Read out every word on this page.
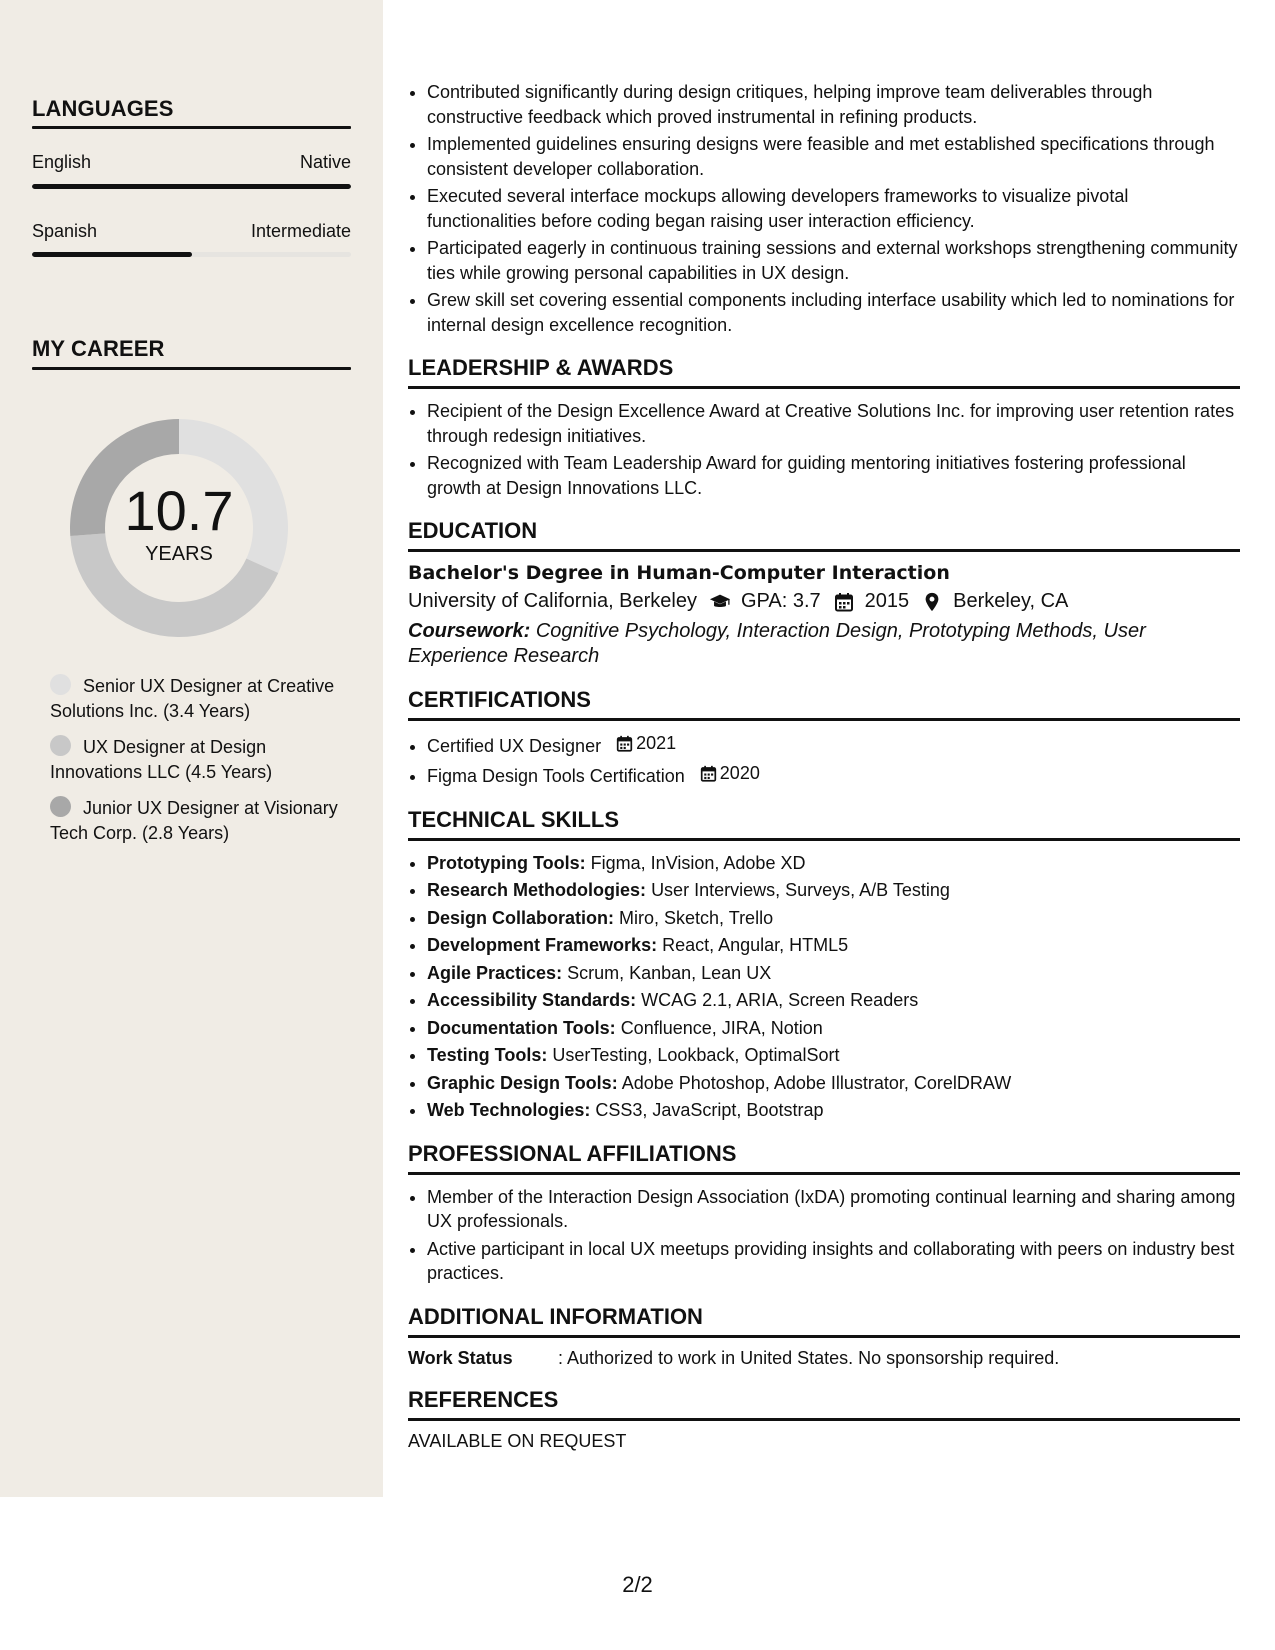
LANGUAGES
English	Native
Spanish	Intermediate
MY CAREER
10.7
YEARS
Senior UX Designer at Creative Solutions Inc. (3.4 Years)
UX Designer at Design Innovations LLC (4.5 Years)
Junior UX Designer at Visionary Tech Corp. (2.8 Years)
• Contributed significantly during design critiques, helping improve team deliverables through constructive feedback which proved instrumental in refining products.
• Implemented guidelines ensuring designs were feasible and met established specifications through consistent developer collaboration.
• Executed several interface mockups allowing developers frameworks to visualize pivotal functionalities before coding began raising user interaction efficiency.
• Participated eagerly in continuous training sessions and external workshops strengthening community ties while growing personal capabilities in UX design.
• Grew skill set covering essential components including interface usability which led to nominations for internal design excellence recognition.
LEADERSHIP & AWARDS
• Recipient of the Design Excellence Award at Creative Solutions Inc. for improving user retention rates through redesign initiatives.
• Recognized with Team Leadership Award for guiding mentoring initiatives fostering professional growth at Design Innovations LLC.
EDUCATION
Bachelor's Degree in Human-Computer Interaction
University of California, Berkeley GPA: 3.7 2015 Berkeley, CA
Coursework: Cognitive Psychology, Interaction Design, Prototyping Methods, User Experience Research
CERTIFICATIONS
• Certified UX Designer 2021
• Figma Design Tools Certification 2020
TECHNICAL SKILLS
• Prototyping Tools: Figma, InVision, Adobe XD
• Research Methodologies: User Interviews, Surveys, A/B Testing
• Design Collaboration: Miro, Sketch, Trello
• Development Frameworks: React, Angular, HTML5
• Agile Practices: Scrum, Kanban, Lean UX
• Accessibility Standards: WCAG 2.1, ARIA, Screen Readers
• Documentation Tools: Confluence, JIRA, Notion
• Testing Tools: UserTesting, Lookback, OptimalSort
• Graphic Design Tools: Adobe Photoshop, Adobe Illustrator, CorelDRAW
• Web Technologies: CSS3, JavaScript, Bootstrap
PROFESSIONAL AFFILIATIONS
• Member of the Interaction Design Association (IxDA) promoting continual learning and sharing among UX professionals.
• Active participant in local UX meetups providing insights and collaborating with peers on industry best practices.
ADDITIONAL INFORMATION
Work Status	: Authorized to work in United States. No sponsorship required.
REFERENCES
AVAILABLE ON REQUEST
2/2
